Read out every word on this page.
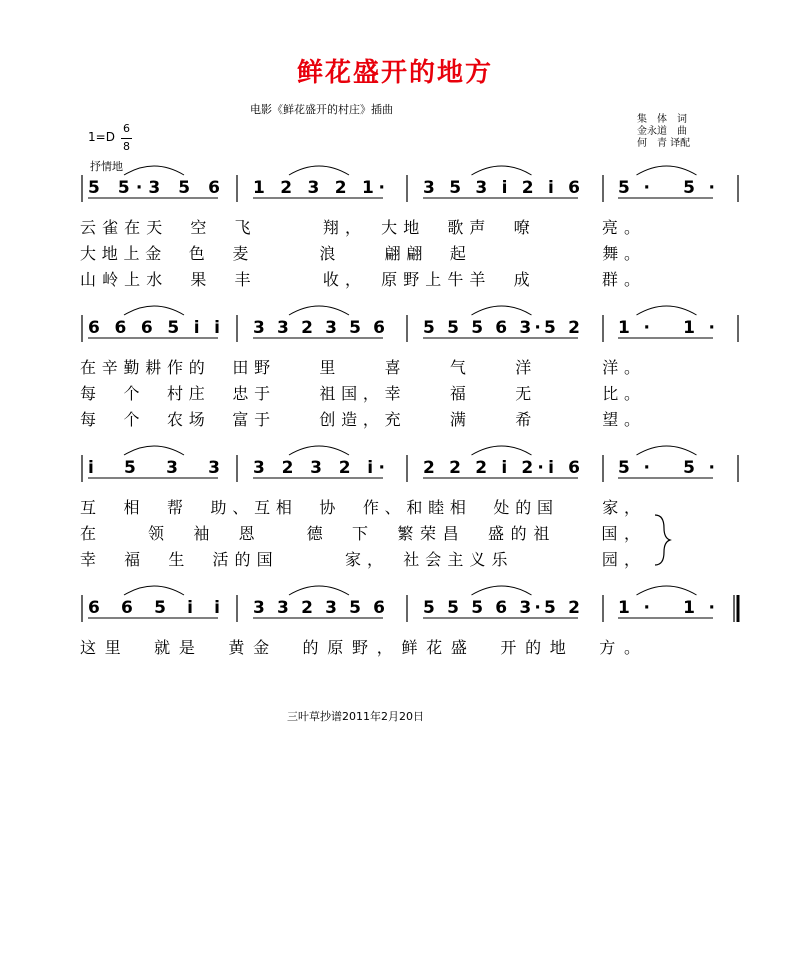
鲜花盛开的地方
电影《鲜花盛开的村庄》插曲
集　体　词
金永道　曲
何　青 译配
1=D
6
8
抒情地
5 5·3 5 6 1 2 3 2 1· 3 5 3 i 2 i 6 5· 5·
云雀在天　空　飞　　　翔，　大地　歌声　嘹　　　亮。
大地上金　色　麦　　　浪　　翩翩　起　　　　　　舞。
山岭上水　果　丰　　　收，　原野上牛羊　成　　　群。
6 6 6 5 i i 3 3 2 3 5 6 5 5 5 6 3·5 2 1· 1·
在辛勤耕作的　田野　　里　　喜　　气　　洋　　　洋。
每　个　村庄　忠于　　祖国，幸　　福　　无　　　比。
每　个　农场　富于　　创造，充　　满　　希　　　望。
i 5 3 3 3 2 3 2 i· 2 2 2 i 2·i 6 5· 5·
互　相　帮　助、互相　协　作、和睦相　处的国　　家，
在　　领　袖　恩　　德　下　繁荣昌　盛的祖　　国，
幸　福　生　活的国　　　家，　社会主义乐　　　　园，
6 6 5 i i 3 3 2 3 5 6 5 5 5 6 3·5 2 1· 1·
这里　就是　黄金　的原野，鲜花盛　开的地　方。
三叶草抄谱2011年2月20日
